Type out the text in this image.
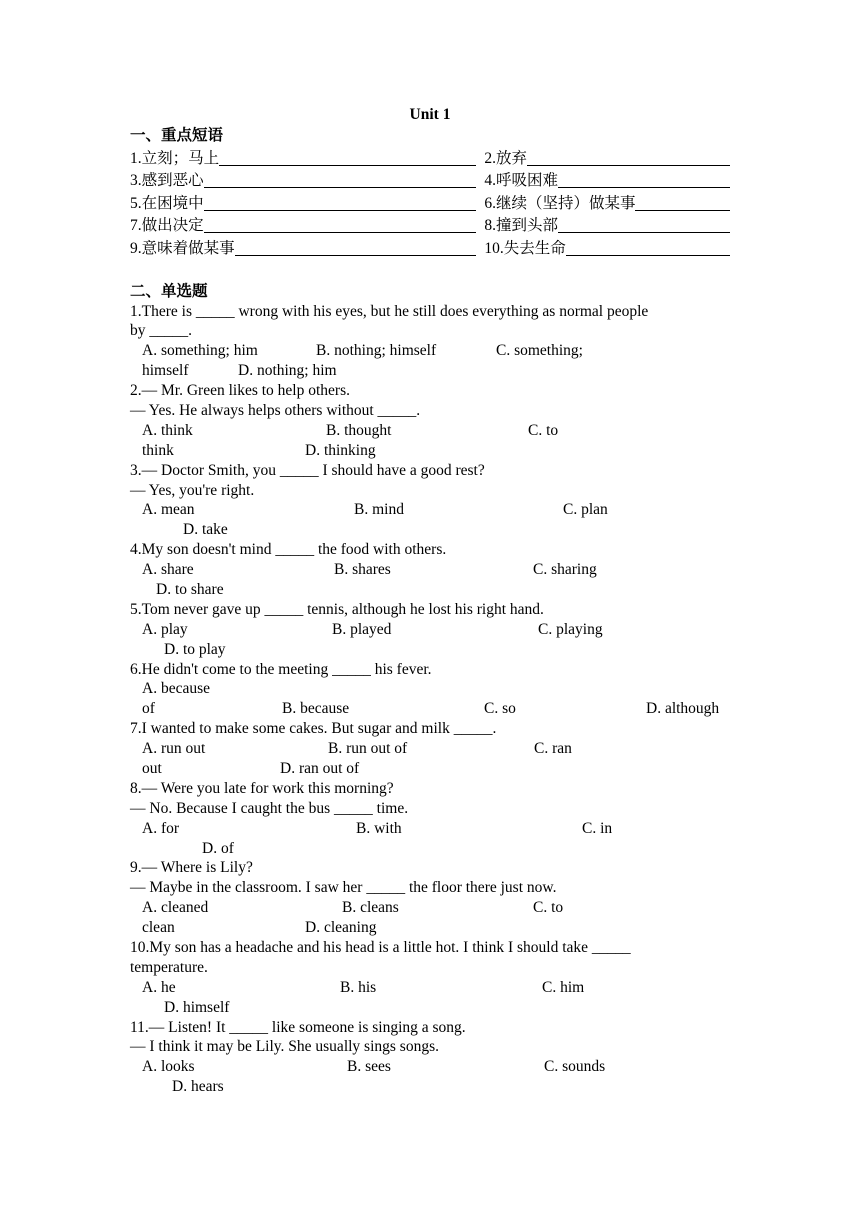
Unit 1
一、重点短语
1.立刻；马上	2.放弃
3.感到恶心	4.呼吸困难
5.在困境中	6.继续（坚持）做某事
7.做出决定	8.撞到头部
9.意味着做某事	10.失去生命
二、单选题
1.There is _____ wrong with his eyes, but he still does everything as normal people
by _____.
A. something; him	B. nothing; himself	C. something;
himself	D. nothing; him
2.— Mr. Green likes to help others.
— Yes. He always helps others without _____.
A. think	B. thought	C. to
think	D. thinking
3.— Doctor Smith, you _____ I should have a good rest?
— Yes, you're right.
A. mean	B. mind	C. plan
D. take
4.My son doesn't mind _____ the food with others.
A. share	B. shares	C. sharing
D. to share
5.Tom never gave up _____ tennis, although he lost his right hand.
A. play	B. played	C. playing
D. to play
6.He didn't come to the meeting _____ his fever.
A. because
of	B. because	C. so	D. although
7.I wanted to make some cakes. But sugar and milk _____.
A. run out	B. run out of	C. ran
out	D. ran out of
8.— Were you late for work this morning?
— No. Because I caught the bus _____ time.
A. for	B. with	C. in
D. of
9.— Where is Lily?
— Maybe in the classroom. I saw her _____ the floor there just now.
A. cleaned	B. cleans	C. to
clean	D. cleaning
10.My son has a headache and his head is a little hot. I think I should take _____
temperature.
A. he	B. his	C. him
D. himself
11.— Listen! It _____ like someone is singing a song.
— I think it may be Lily. She usually sings songs.
A. looks	B. sees	C. sounds
D. hears
